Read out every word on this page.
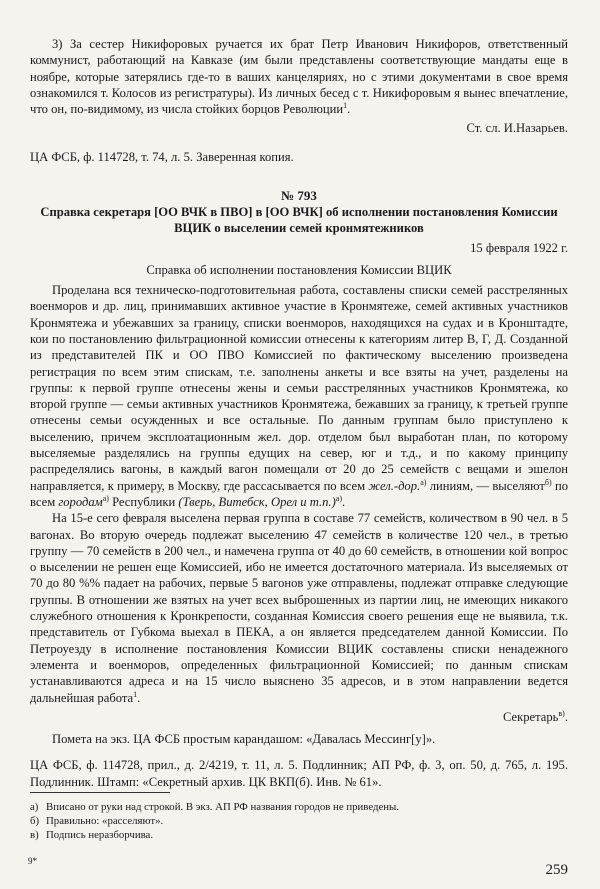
3) За сестер Никифоровых ручается их брат Петр Иванович Никифоров, ответственный коммунист, работающий на Кавказе (им были представлены соответствующие мандаты еще в ноябре, которые затерялись где-то в ваших канцеляриях, но с этими документами в свое время ознакомился т. Колосов из регистратуры). Из личных бесед с т. Никифоровым я вынес впечатление, что он, по-видимому, из числа стойких борцов Революции$^1$.

Ст. сл. И.Назарьев.

ЦА ФСБ, ф. 114728, т. 74, л. 5. Заверенная копия.

№ 793
Справка секретаря [ОО ВЧК в ПВО] в [ОО ВЧК] об исполнении постановления Комиссии ВЦИК о выселении семей кронмятежников
15 февраля 1922 г.
Справка об исполнении постановления Комиссии ВЦИК

Проделана вся техническо-подготовительная работа, составлены списки семей расстрелянных военморов и др. лиц, принимавших активное участие в Кронмятеже, семей активных участников Кронмятежа и убежавших за границу, списки военморов, находящихся на судах и в Кронштадте, кои по постановлению фильтрационной комиссии отнесены к категориям литер В, Г, Д. Созданной из представителей ПК и ОО ПВО Комиссией по фактическому выселению произведена регистрация по всем этим спискам, т.е. заполнены анкеты и все взяты на учет, разделены на группы: к первой группе отнесены жены и семьи расстрелянных участников Кронмятежа, ко второй группе — семьи активных участников Кронмятежа, бежавших за границу, к третьей группе отнесены семьи осужденных и все остальные. По данным группам было приступлено к выселению, причем эксплоатационным жел. дор. отделом был выработан план, по которому выселяемые разделялись на группы едущих на север, юг и т.д., и по какому принципу распределялись вагоны, в каждый вагон помещали от 20 до 25 семейств с вещами и эшелон направляется, к примеру, в Москву, где рассасывается по всем жел.-дор.$^{а)}$ линиям, — выселяют$^{б)}$ по всем городам$^{а)}$ Республики (Тверь, Витебск, Орел и т.п.)$^{а)}$.

На 15-е сего февраля выселена первая группа в составе 77 семейств, количеством в 90 чел. в 5 вагонах. Во вторую очередь подлежат выселению 47 семейств в количестве 120 чел., в третью группу — 70 семейств в 200 чел., и намечена группа от 40 до 60 семейств, в отношении кой вопрос о выселении не решен еще Комиссией, ибо не имеется достаточного материала. Из выселяемых от 70 до 80 %% падает на рабочих, первые 5 вагонов уже отправлены, подлежат отправке следующие группы. В отношении же взятых на учет всех выброшенных из партии лиц, не имеющих никакого служебного отношения к Кронкрепости, созданная Комиссия своего решения еще не выявила, т.к. представитель от Губкома выехал в ПЕКА, а он является председателем данной Комиссии. По Петроуезду в исполнение постановления Комиссии ВЦИК составлены списки ненадежного элемента и военморов, определенных фильтрационной Комиссией; по данным спискам устанавливаются адреса и на 15 число выяснено 35 адресов, и в этом направлении ведется дальнейшая работа$^1$.

Секретарь$^{в)}$.

Помета на экз. ЦА ФСБ простым карандашом: «Давалась Мессинг[у]».

ЦА ФСБ, ф. 114728, прил., д. 2/4219, т. 11, л. 5. Подлинник; АП РФ, ф. 3, оп. 50, д. 765, л. 195. Подлинник. Штамп: «Секретный архив. ЦК ВКП(б). Инв. № 61».

а) Вписано от руки над строкой. В экз. АП РФ названия городов не приведены.
б) Правильно: «расселяют».
в) Подпись неразборчива.
9*
259
